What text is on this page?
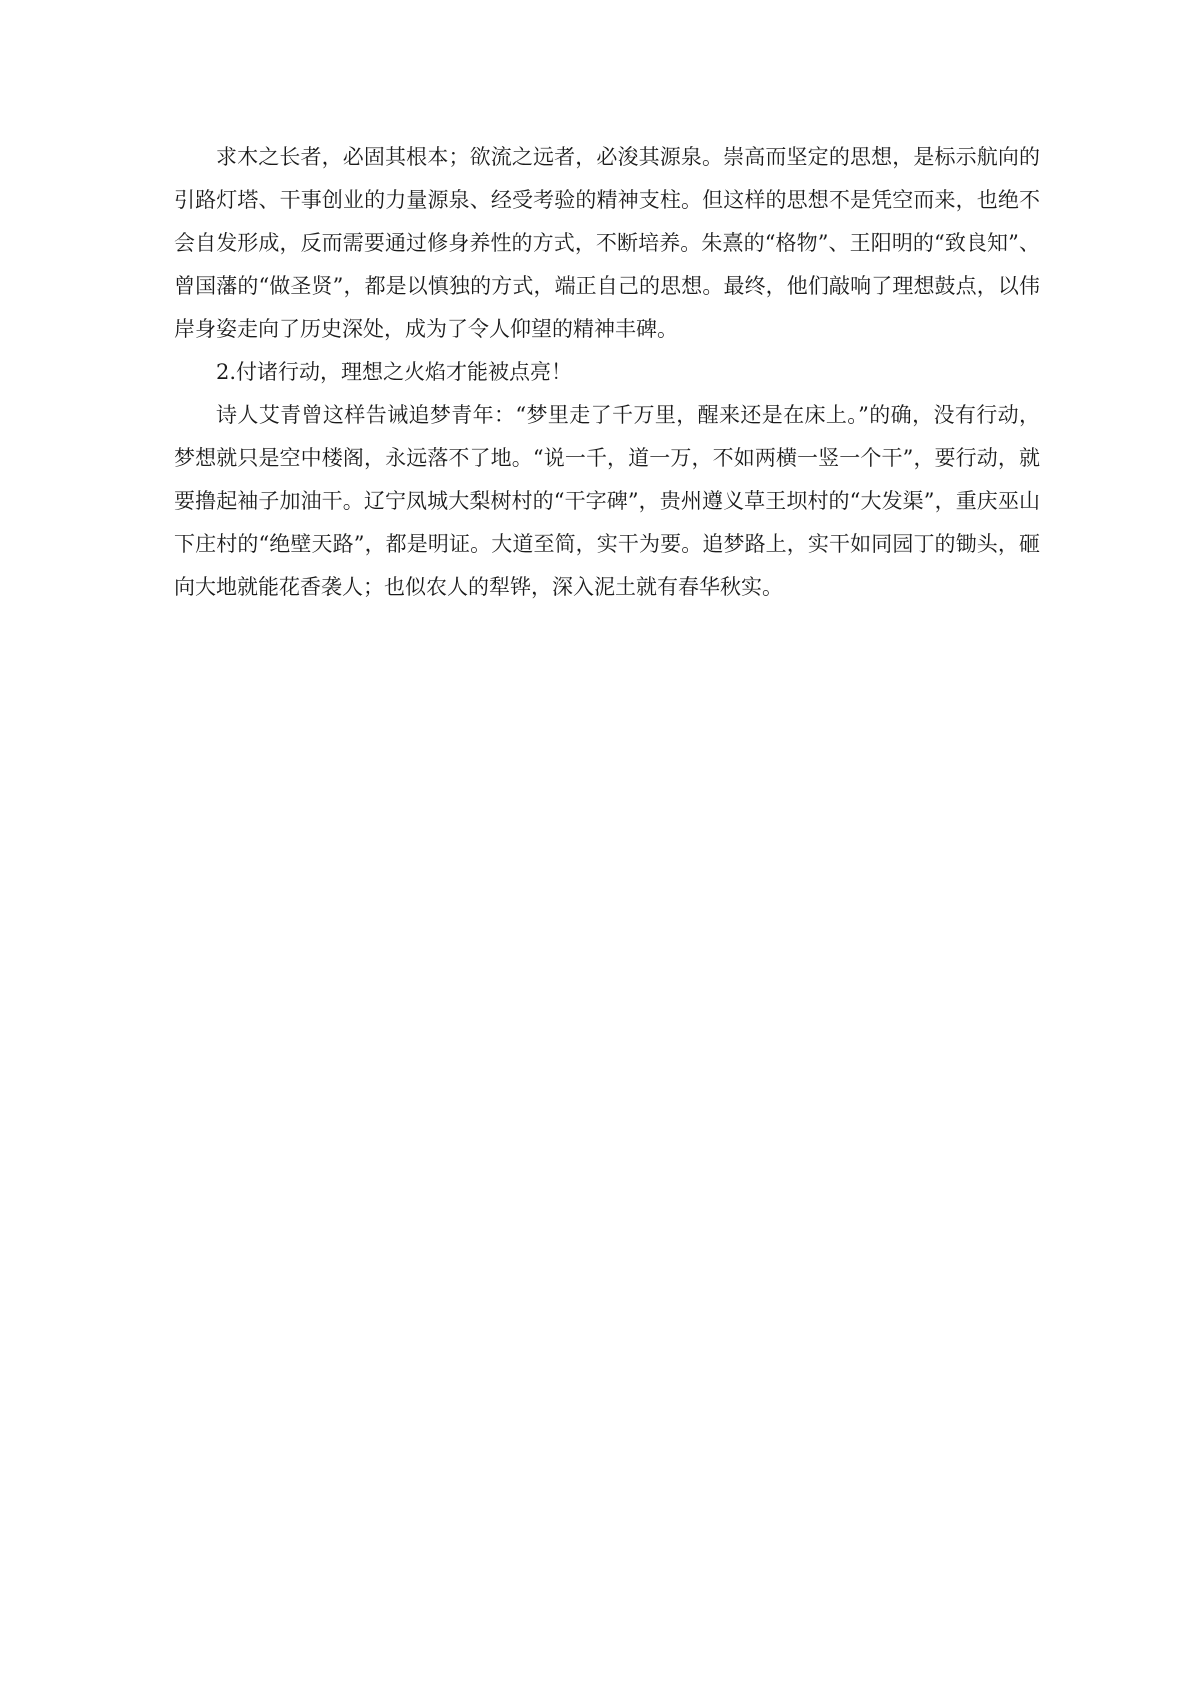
求木之长者，必固其根本；欲流之远者，必浚其源泉。崇高而坚定的思想，是标示航向的引路灯塔、干事创业的力量源泉、经受考验的精神支柱。但这样的思想不是凭空而来，也绝不会自发形成，反而需要通过修身养性的方式，不断培养。朱熹的“格物”、王阳明的“致良知”、曾国藩的“做圣贤”，都是以慎独的方式，端正自己的思想。最终，他们敲响了理想鼓点，以伟岸身姿走向了历史深处，成为了令人仰望的精神丰碑。

2.付诸行动，理想之火焰才能被点亮！

诗人艾青曾这样告诫追梦青年：“梦里走了千万里，醒来还是在床上。”的确，没有行动，梦想就只是空中楼阁，永远落不了地。“说一千，道一万，不如两横一竖一个干”，要行动，就要撸起袖子加油干。辽宁凤城大梨树村的“干字碑”，贵州遵义草王坝村的“大发渠”，重庆巫山下庄村的“绝壁天路”，都是明证。大道至简，实干为要。追梦路上，实干如同园丁的锄头，砸向大地就能花香袭人；也似农人的犁铧，深入泥土就有春华秋实。
